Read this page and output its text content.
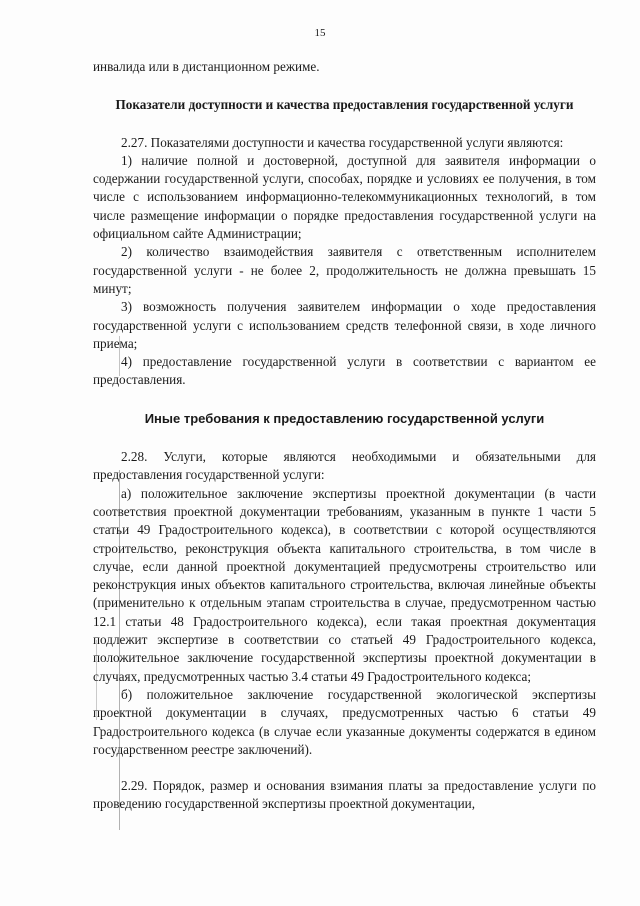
15

инвалида или в дистанционном режиме.

Показатели доступности и качества предоставления государственной услуги

2.27. Показателями доступности и качества государственной услуги являются:

1) наличие полной и достоверной, доступной для заявителя информации о содержании государственной услуги, способах, порядке и условиях ее получения, в том числе с использованием информационно-телекоммуникационных технологий, в том числе размещение информации о порядке предоставления государственной услуги на официальном сайте Администрации;

2) количество взаимодействия заявителя с ответственным исполнителем государственной услуги - не более 2, продолжительность не должна превышать 15 минут;

3) возможность получения заявителем информации о ходе предоставления государственной услуги с использованием средств телефонной связи, в ходе личного приема;

4) предоставление государственной услуги в соответствии с вариантом ее предоставления.

Иные требования к предоставлению государственной услуги

2.28. Услуги, которые являются необходимыми и обязательными для предоставления государственной услуги:

а) положительное заключение экспертизы проектной документации (в части соответствия проектной документации требованиям, указанным в пункте 1 части 5 статьи 49 Градостроительного кодекса), в соответствии с которой осуществляются строительство, реконструкция объекта капитального строительства, в том числе в случае, если данной проектной документацией предусмотрены строительство или реконструкция иных объектов капитального строительства, включая линейные объекты (применительно к отдельным этапам строительства в случае, предусмотренном частью 12.1 статьи 48 Градостроительного кодекса), если такая проектная документация подлежит экспертизе в соответствии со статьей 49 Градостроительного кодекса, положительное заключение государственной экспертизы проектной документации в случаях, предусмотренных частью 3.4 статьи 49 Градостроительного кодекса;

б) положительное заключение государственной экологической экспертизы проектной документации в случаях, предусмотренных частью 6 статьи 49 Градостроительного кодекса (в случае если указанные документы содержатся в едином государственном реестре заключений).

2.29. Порядок, размер и основания взимания платы за предоставление услуги по проведению государственной экспертизы проектной документации,
